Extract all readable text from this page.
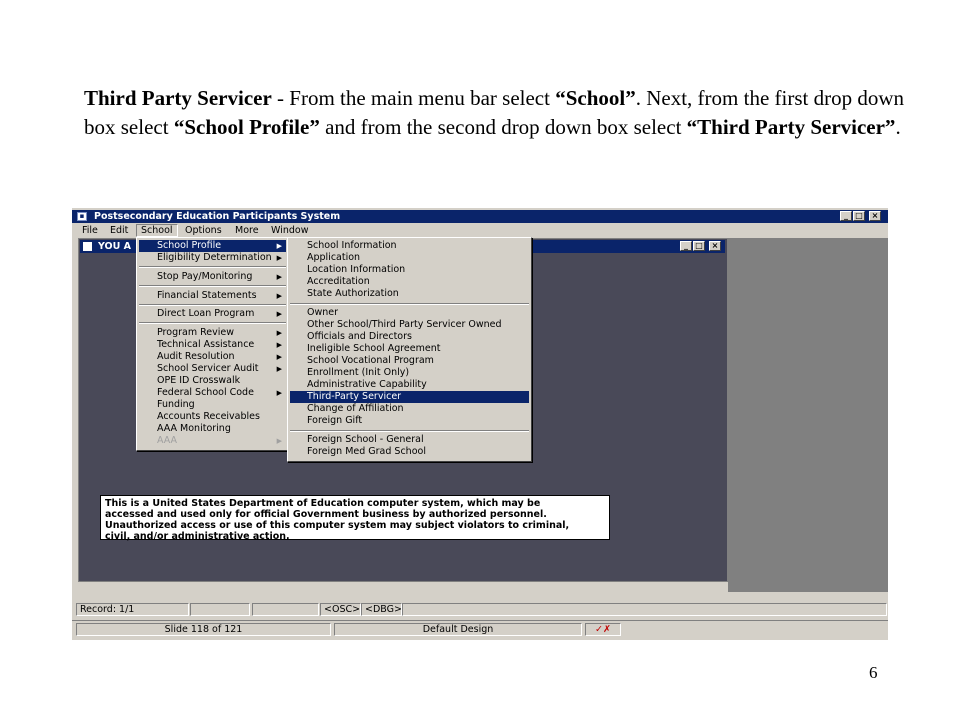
Third Party Servicer - From the main menu bar select “School”. Next, from the first drop down box select “School Profile” and from the second drop down box select “Third Party Servicer”.
▪ Postsecondary Education Participants System	_ □	×
File Edit	School	Options More Window
YOU A	_ □	×
This is a United States Department of Education computer system, which may be
accessed and used only for official Government business by authorized personnel.
Unauthorized access or use of this computer system may subject violators to criminal,
civil, and/or administrative action.
School Profile	▶
Eligibility Determination ▶
Stop Pay/Monitoring	▶
Financial Statements	▶
Direct Loan Program	▶
Program Review	▶
Technical Assistance	▶
Audit Resolution	▶
School Servicer Audit	▶
OPE ID Crosswalk
Federal School Code	▶
Funding
Accounts Receivables
AAA Monitoring
AAA	▶
School Information
Application
Location Information
Accreditation
State Authorization
Owner
Other School/Third Party Servicer Owned
Officials and Directors
Ineligible School Agreement
School Vocational Program
Enrollment (Init Only)
Administrative Capability
Third-Party Servicer
Change of Affiliation
Foreign Gift
Foreign School - General
Foreign Med Grad School
Record: 1/1	<OSC> <DBG>
Slide 118 of 121	Default Design	✓✗
6
